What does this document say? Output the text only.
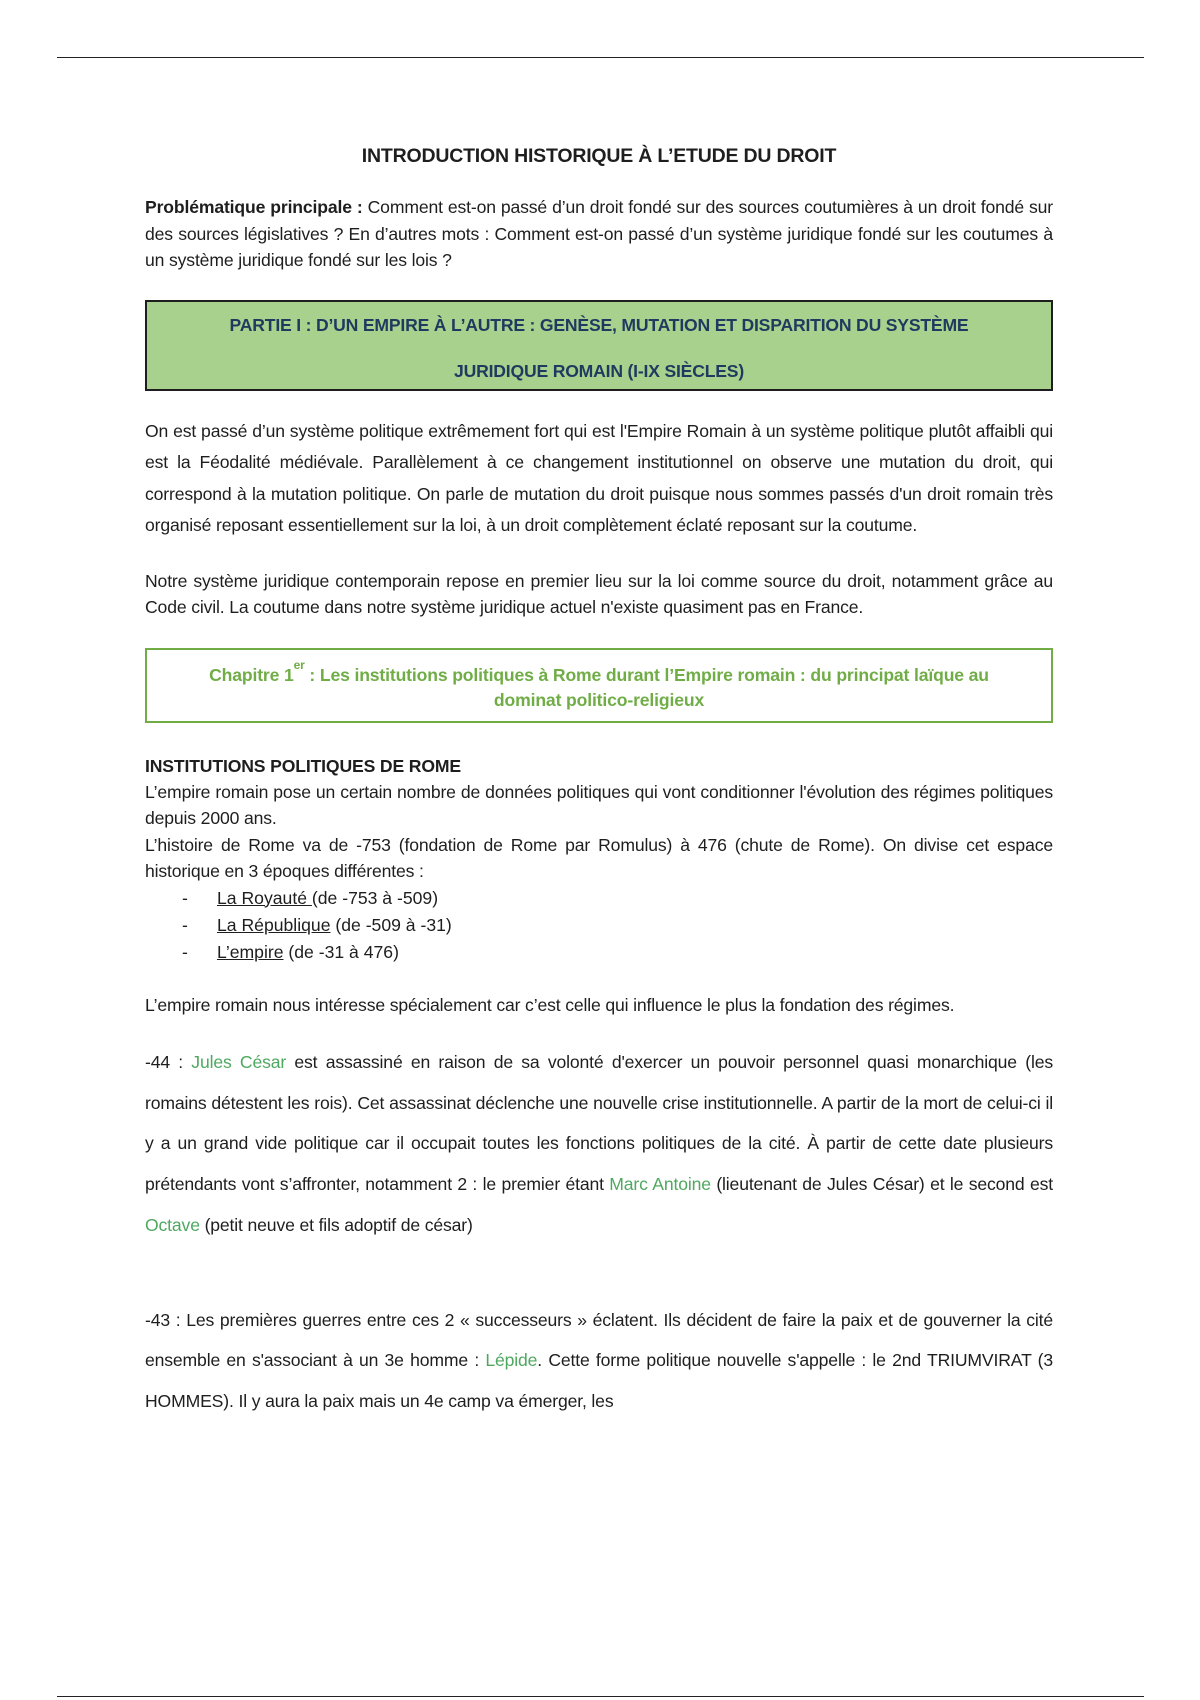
INTRODUCTION HISTORIQUE À L’ETUDE DU DROIT

Problématique principale : Comment est-on passé d’un droit fondé sur des sources coutumières à un droit fondé sur des sources législatives ? En d’autres mots : Comment est-on passé d’un système juridique fondé sur les coutumes à un système juridique fondé sur les lois ?

PARTIE I : D’UN EMPIRE À L’AUTRE : GENÈSE, MUTATION ET DISPARITION DU SYSTÈME
JURIDIQUE ROMAIN (I-IX SIÈCLES)

On est passé d’un système politique extrêmement fort qui est l'Empire Romain à un système politique plutôt affaibli qui est la Féodalité médiévale. Parallèlement à ce changement institutionnel on observe une mutation du droit, qui correspond à la mutation politique. On parle de mutation du droit puisque nous sommes passés d'un droit romain très organisé reposant essentiellement sur la loi, à un droit complètement éclaté reposant sur la coutume.

Notre système juridique contemporain repose en premier lieu sur la loi comme source du droit, notamment grâce au Code civil. La coutume dans notre système juridique actuel n'existe quasiment pas en France.

Chapitre 1er : Les institutions politiques à Rome durant l’Empire romain : du principat laïque au
dominat politico-religieux
INSTITUTIONS POLITIQUES DE ROME

L’empire romain pose un certain nombre de données politiques qui vont conditionner l'évolution des régimes politiques depuis 2000 ans.

L’histoire de Rome va de -753 (fondation de Rome par Romulus) à 476 (chute de Rome). On divise cet espace historique en 3 époques différentes :

- La Royauté (de -753 à -509)
- La République (de -509 à -31)
- L’empire (de -31 à 476)

L’empire romain nous intéresse spécialement car c’est celle qui influence le plus la fondation des régimes.

-44 : Jules César est assassiné en raison de sa volonté d'exercer un pouvoir personnel quasi monarchique (les romains détestent les rois). Cet assassinat déclenche une nouvelle crise institutionnelle. A partir de la mort de celui-ci il y a un grand vide politique car il occupait toutes les fonctions politiques de la cité. À partir de cette date plusieurs prétendants vont s’affronter, notamment 2 : le premier étant Marc Antoine (lieutenant de Jules César) et le second est Octave (petit neuve et fils adoptif de césar)

-43 : Les premières guerres entre ces 2 « successeurs » éclatent. Ils décident de faire la paix et de gouverner la cité ensemble en s'associant à un 3e homme : Lépide. Cette forme politique nouvelle s'appelle : le 2nd TRIUMVIRAT (3 HOMMES). Il y aura la paix mais un 4e camp va émerger, les
